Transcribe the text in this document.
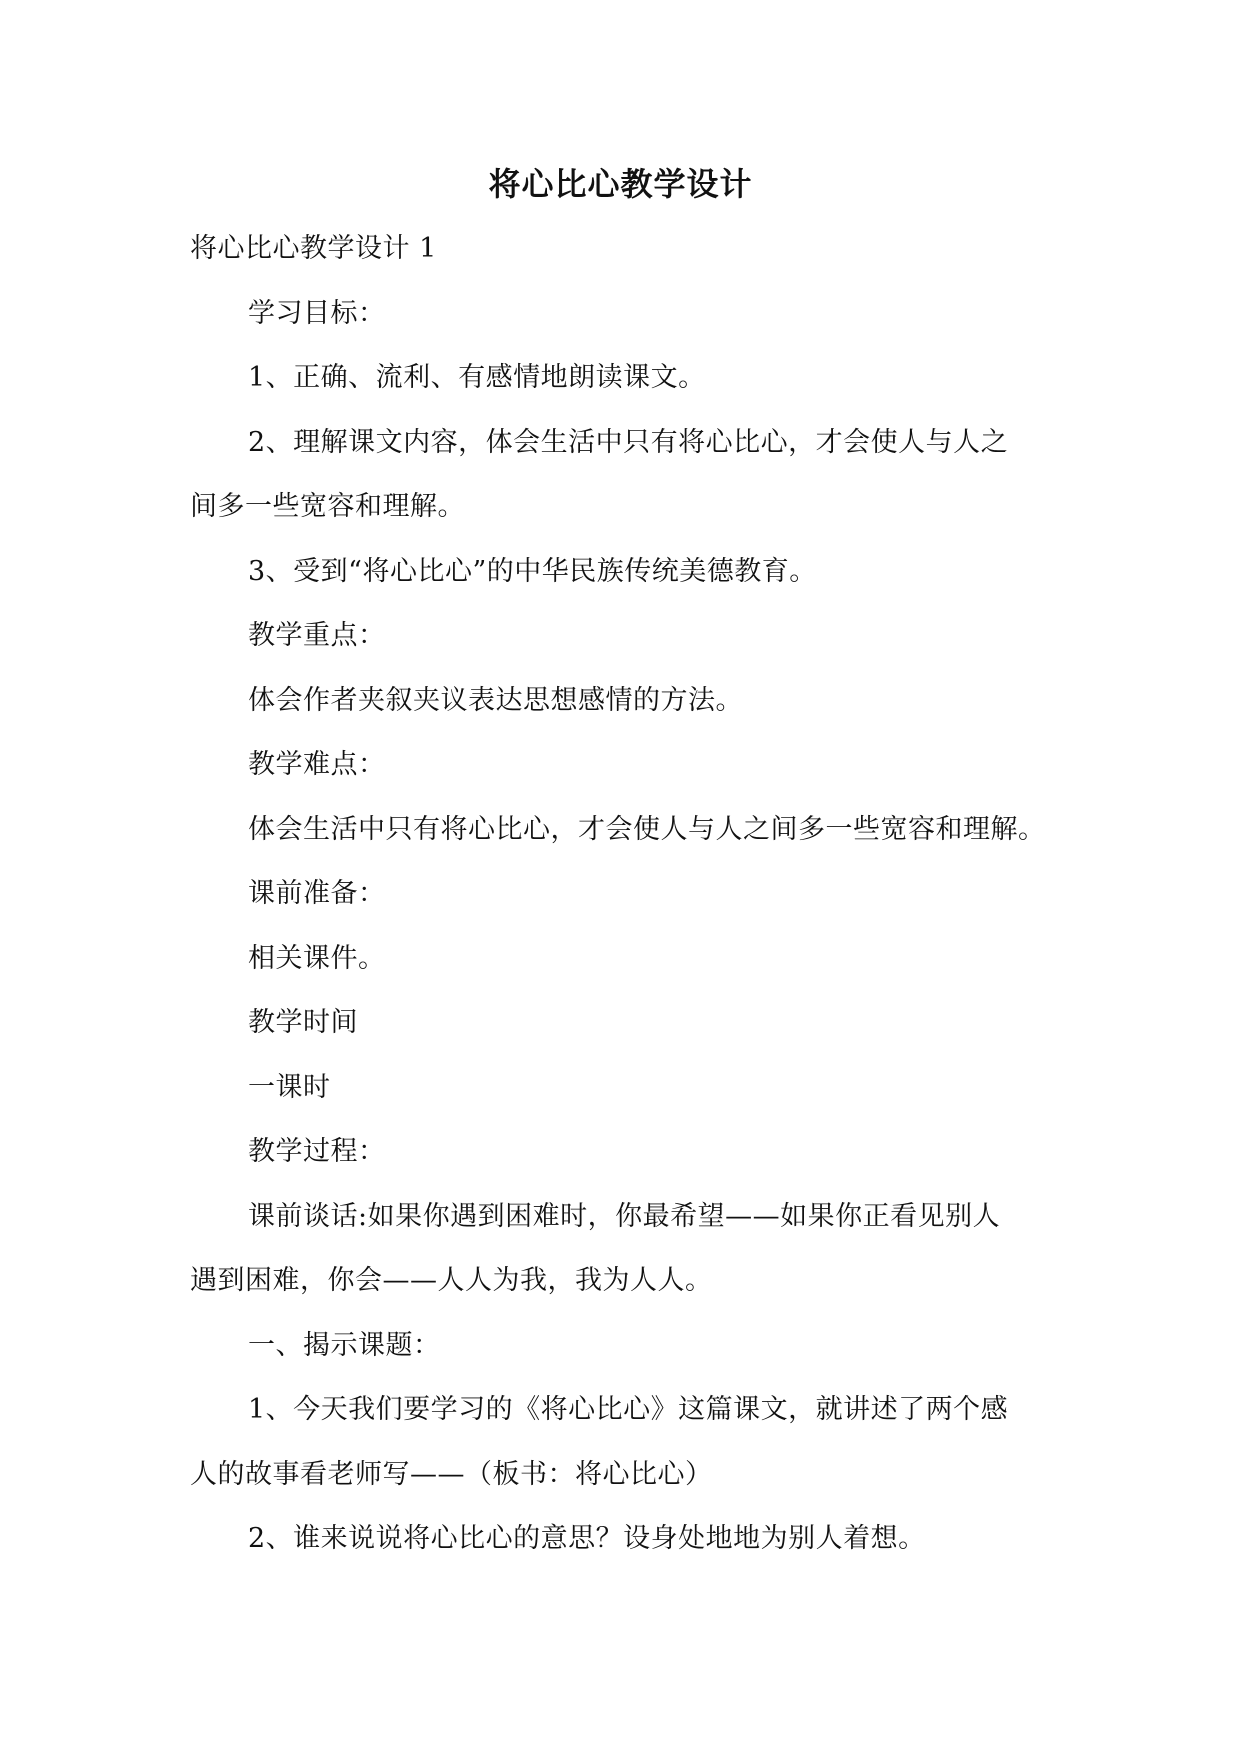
将心比心教学设计

将心比心教学设计 1

学习目标：

1、正确、流利、有感情地朗读课文。

2、理解课文内容，体会生活中只有将心比心，才会使人与人之

间多一些宽容和理解。

3、受到“将心比心”的中华民族传统美德教育。

教学重点：

体会作者夹叙夹议表达思想感情的方法。

教学难点：

体会生活中只有将心比心，才会使人与人之间多一些宽容和理解。

课前准备：

相关课件。

教学时间

一课时

教学过程：

课前谈话:如果你遇到困难时，你最希望——如果你正看见别人

遇到困难，你会——人人为我，我为人人。

一、揭示课题：

1、今天我们要学习的《将心比心》这篇课文，就讲述了两个感

人的故事看老师写——（板书：将心比心）

2、谁来说说将心比心的意思？设身处地地为别人着想。
